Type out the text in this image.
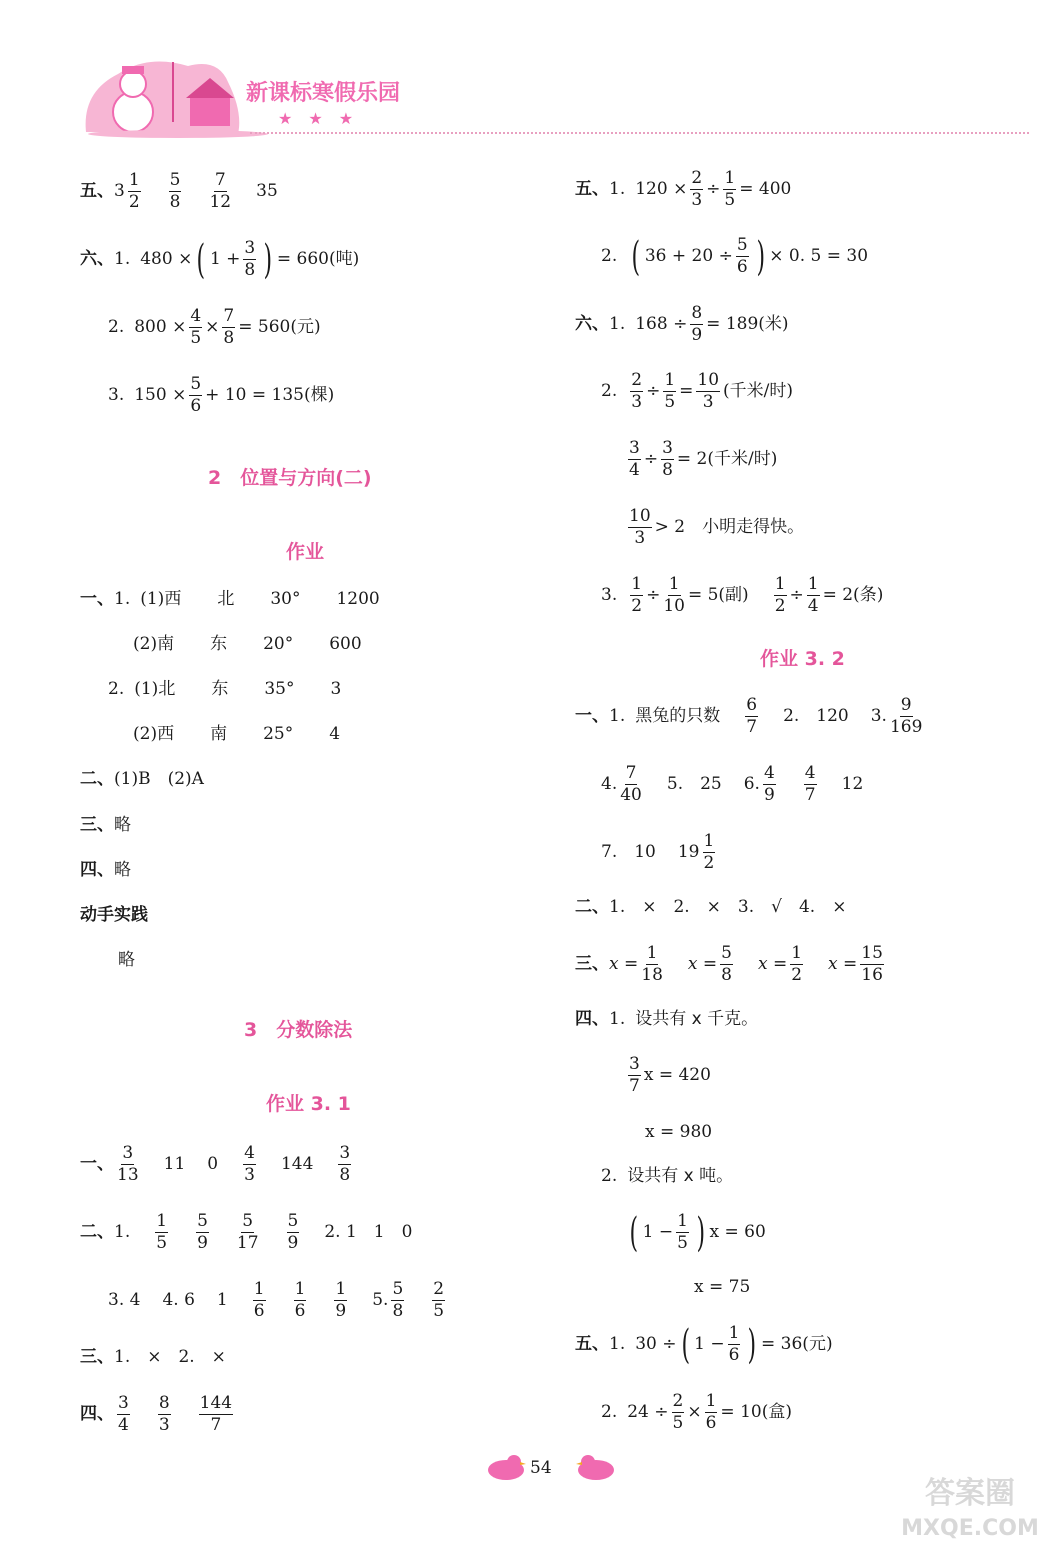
新课标寒假乐园
★　★　★
五、 $3 \frac{1}{2} \frac{5}{8} \frac{7}{12} 35$
六、 1. 480 × ( $1 + \frac{3}{8}$ ) = 660(吨)
2. $800 \times \frac{4}{5} \times \frac{7}{8} = 560$(元)
3. $150 \times \frac{5}{6} + 10 = 135$(棵)
2　位置与方向(二)
作业
一、 1. (1)西 北 30° 1200
(2)南 东 20° 600
2. (1)北 东 35° 3
(2)西 南 25° 4
二、 (1)B　(2)A
三、 略
四、 略
动手实践
略
3　分数除法
作业 3. 1
一、 $\frac{3}{13} 11$ $0 \frac{4}{3} 144 \frac{3}{8}$
二、 1. $\frac{1}{5} \frac{5}{9} \frac{5}{17} \frac{5}{9} 2$. 1　1　0
3. 4 4. 6 $1 \frac{1}{6} \frac{1}{6} \frac{1}{9} 5$. $\frac{5}{8} \frac{2}{5}$
三、 1.　×　2.　×
四、 $\frac{3}{4} \frac{8}{3} \frac{144}{7}$
五、 1. $120 \times \frac{2}{3} \div \frac{1}{5} = 400$
2. ( $36 + 20 \div \frac{5}{6}$ ) × 0. 5 = 30
六、 1. $168 \div \frac{8}{9} = 189$(米)
2. $\frac{2}{3} \div \frac{1}{5} = \frac{10}{3}$ (千米/时)
$\frac{3}{4} \div \frac{3}{8} = 2$(千米/时)
$\frac{10}{3} > 2$　小明走得快。
3. $\frac{1}{2} \div \frac{1}{10} = 5$(副) $\frac{1}{2} \div \frac{1}{4} = 2$(条)
作业 3. 2
一、 1. 黑兔的只数 $\frac{6}{7} 2$.　120 3. $\frac{9}{169}$
4. $\frac{7}{40} 5$.　25 6. $\frac{4}{9} \frac{4}{7} 12$
7.　10 $19 \frac{1}{2}$
二、 1.　×　2.　×　3.　√　4.　×
三、 $x = \frac{1}{18}$ $x = \frac{5}{8}$ $x = \frac{1}{2}$ $x = \frac{15}{16}$
四、 1. 设共有 x 千克。
$\frac{3}{7}$ x = 420
x = 980
2. 设共有 x 吨。
( $1 - \frac{1}{5}$ ) x = 60
x = 75
五、 1. 30 ÷ ( $1 - \frac{1}{6}$ ) = 36(元)
2. $24 \div \frac{2}{5} \times \frac{1}{6} = 10$(盒)
54
答案圈
MXQE.COM
